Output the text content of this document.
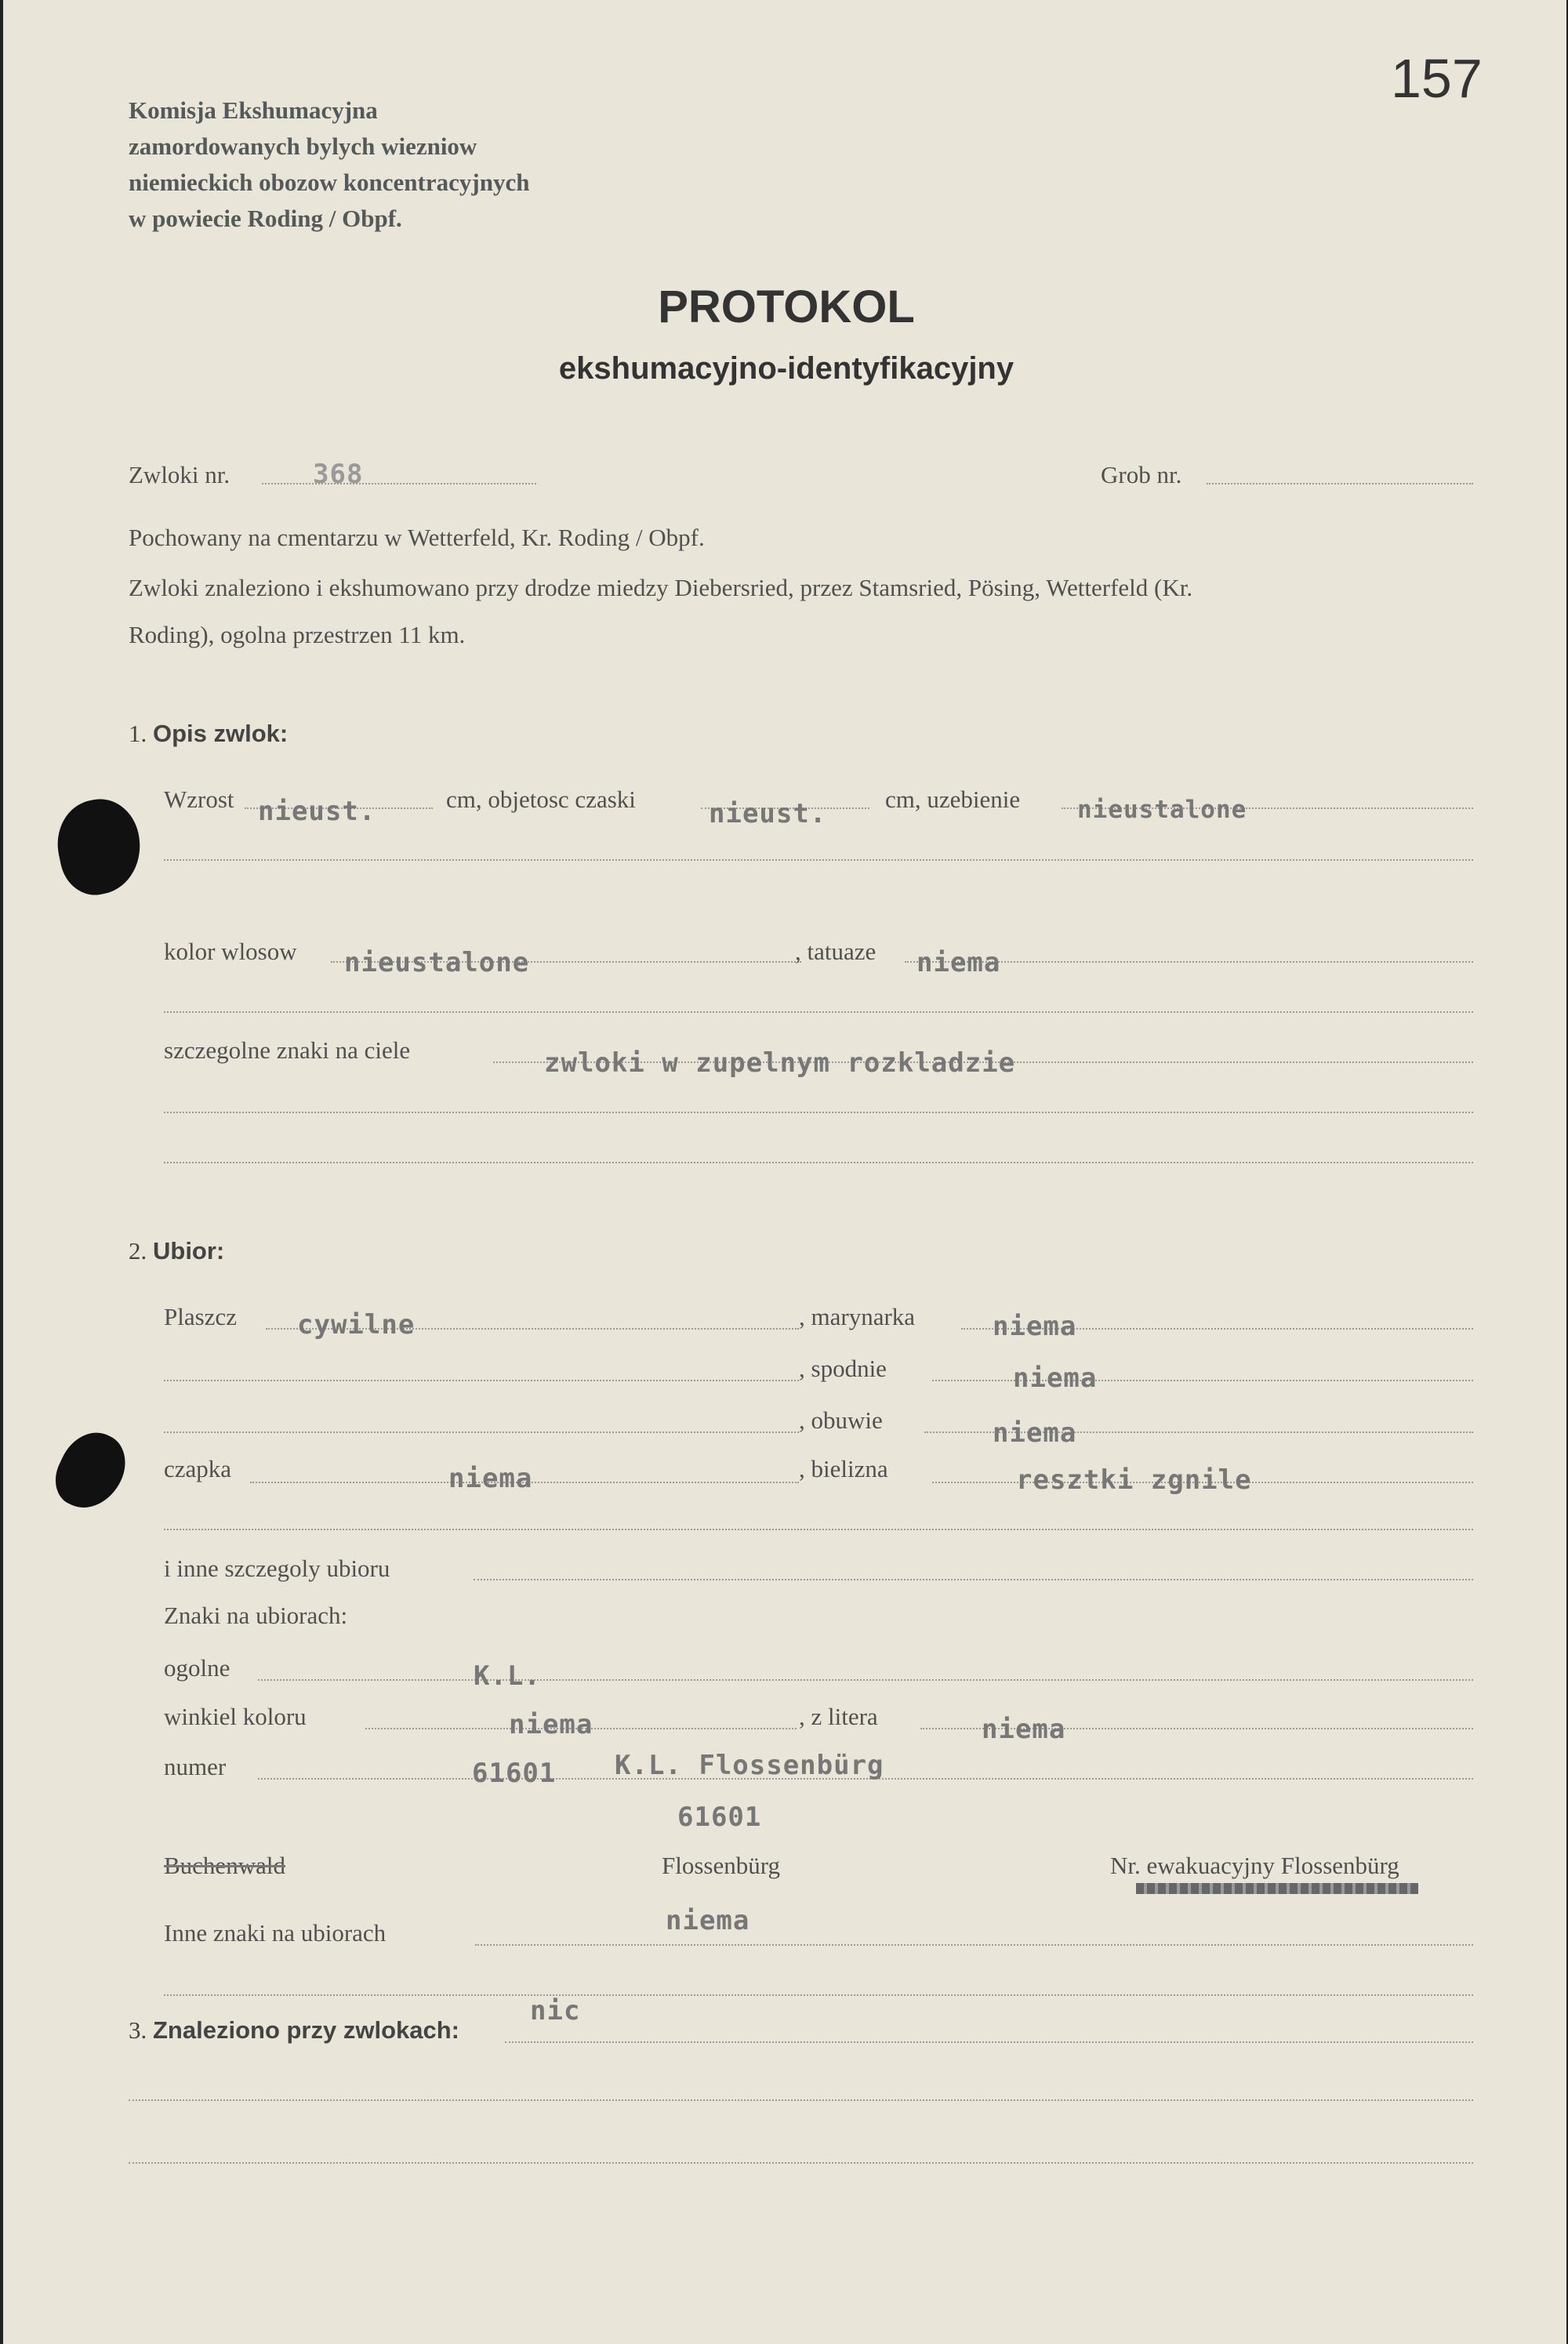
Komisja Ekshumacyjna
zamordowanych bylych wiezniow
niemieckich obozow koncentracyjnych
w powiecie Roding / Obpf.
157
PROTOKOL
ekshumacyjno-identyfikacyjny
Zwloki nr.	368	Grob nr.
Pochowany na cmentarzu w Wetterfeld, Kr. Roding / Obpf.
Zwloki znaleziono i ekshumowano przy drodze miedzy Diebersried, przez Stamsried, Pösing, Wetterfeld (Kr.
Roding), ogolna przestrzen 11 km.
1. Opis zwlok:
Wzrost nieust.	cm, objetosc czaski	nieust. cm, uzebienie nieustalone
kolor wlosow nieustalone	, tatuaze niema
szczegolne znaki na ciele	zwloki w zupelnym rozkladzie
2. Ubior:
Plaszcz cywilne	, marynarka	niema
, spodnie	niema
, obuwie	niema
czapka	niema	, bielizna	resztki zgnile
i inne szczegoly ubioru
Znaki na ubiorach:
ogolne	K.L.
winkiel koloru	niema	, z litera	niema
numer	61601 K.L. Flossenbürg
61601
Buchenwald	Flossenbürg	Nr. ewakuacyjny Flossenbürg
Inne znaki na ubiorach	niema
3. Znaleziono przy zwlokach:
nic
